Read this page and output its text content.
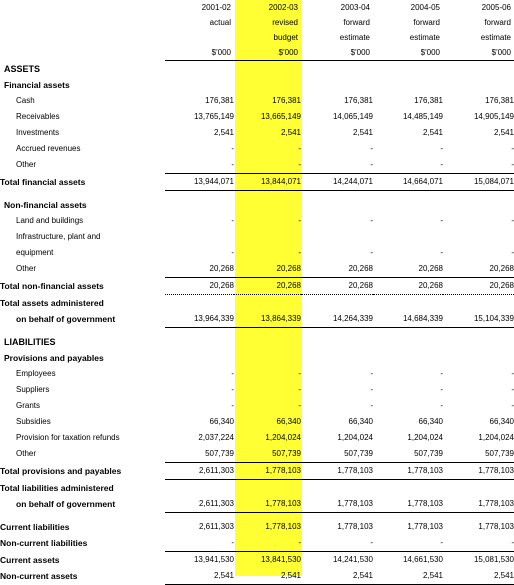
	2001-02	2002-03	2003-04	2004-05	2005-06
	actual	revised	forward	forward	forward
		budget	estimate	estimate	estimate
	$'000	$'000	$'000	$'000	$'000
ASSETS					
Financial assets					
Cash	176,381	176,381	176,381	176,381	176,381
Receivables	13,765,149	13,665,149	14,065,149	14,485,149	14,905,149
Investments	2,541	2,541	2,541	2,541	2,541
Accrued revenues	-	-	-	-	-
Other	-	-	-	-	-
Total financial assets	13,944,071	13,844,071	14,244,071	14,664,071	15,084,071

Non-financial assets					
Land and buildings	-	-	-	-	-
Infrastructure, plant and					
equipment	-	-	-	-	-
Other	20,268	20,268	20,268	20,268	20,268
Total non-financial assets	20,268	20,268	20,268	20,268	20,268
Total assets administered					
on behalf of government	13,964,339	13,864,339	14,264,339	14,684,339	15,104,339

LIABILITIES					
Provisions and payables					
Employees	-	-	-	-	-
Suppliers	-	-	-	-	-
Grants	-	-	-	-	-
Subsidies	66,340	66,340	66,340	66,340	66,340
Provision for taxation refunds	2,037,224	1,204,024	1,204,024	1,204,024	1,204,024
Other	507,739	507,739	507,739	507,739	507,739
Total provisions and payables	2,611,303	1,778,103	1,778,103	1,778,103	1,778,103
Total liabilities administered					
on behalf of government	2,611,303	1,778,103	1,778,103	1,778,103	1,778,103

Current liabilities	2,611,303	1,778,103	1,778,103	1,778,103	1,778,103
Non-current liabilities	-	-	-	-	-
Current assets	13,941,530	13,841,530	14,241,530	14,661,530	15,081,530
Non-current assets	2,541	2,541	2,541	2,541	2,541
